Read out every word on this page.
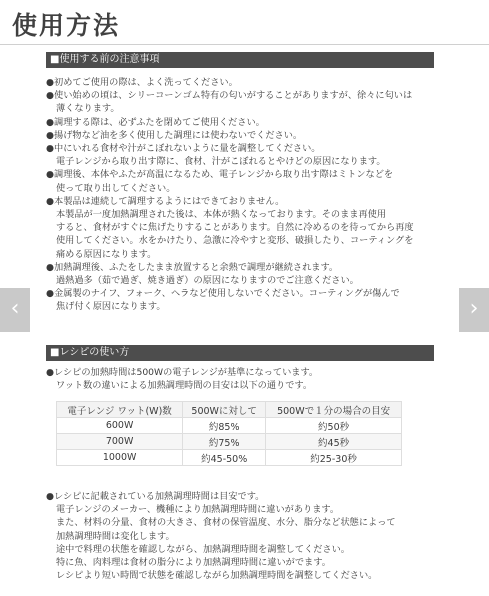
使用方法
■使用する前の注意事項

●初めてご使用の際は、よく洗ってください。

●使い始めの頃は、シリーコーンゴム特有の匂いがすることがありますが、徐々に匂いは

薄くなります。

●調理する際は、必ずふたを閉めてご使用ください。

●揚げ物など油を多く使用した調理には使わないでください。

●中にいれる食材や汁がこぼれないように量を調整してください。

電子レンジから取り出す際に、食材、汁がこぼれるとやけどの原因になります。

●調理後、本体やふたが高温になるため、電子レンジから取り出す際はミトンなどを

使って取り出してください。

●本製品は連続して調理するようにはできておりません。

本製品が一度加熱調理された後は、本体が熱くなっております。そのまま再使用

すると、食材がすぐに焦げたりすることがあります。自然に冷めるのを待ってから再度

使用してください。水をかけたり、急激に冷やすと変形、破損したり、コーティングを

痛める原因になります。

●加熱調理後、ふたをしたまま放置すると余熱で調理が継続されます。

過熱過多（茹で過ぎ、焼き過ぎ）の原因になりますのでご注意ください。

●金属製のナイフ、フォーク、ヘラなど使用しないでください。コーティングが傷んで

焦げ付く原因になります。

■レシピの使い方

●レシピの加熱時間は500Wの電子レンジが基準になっています。

ワット数の違いによる加熱調理時間の目安は以下の通りです。

電子レンジ ワット(W)数	500Wに対して	500Wで１分の場合の目安
600W	約85%	約50秒
700W	約75%	約45秒
1000W	約45-50%	約25-30秒

●レシピに記載されている加熱調理時間は目安です。

電子レンジのメーカー、機種により加熱調理時間に違いがあります。

また、材料の分量、食材の大きさ、食材の保管温度、水分、脂分など状態によって

加熱調理時間は変化します。

途中で料理の状態を確認しながら、加熱調理時間を調整してください。

特に魚、肉料理は食材の脂分により加熱調理時間に違いがでます。

レシピより短い時間で状態を確認しながら加熱調理時間を調整してください。

‹	›
